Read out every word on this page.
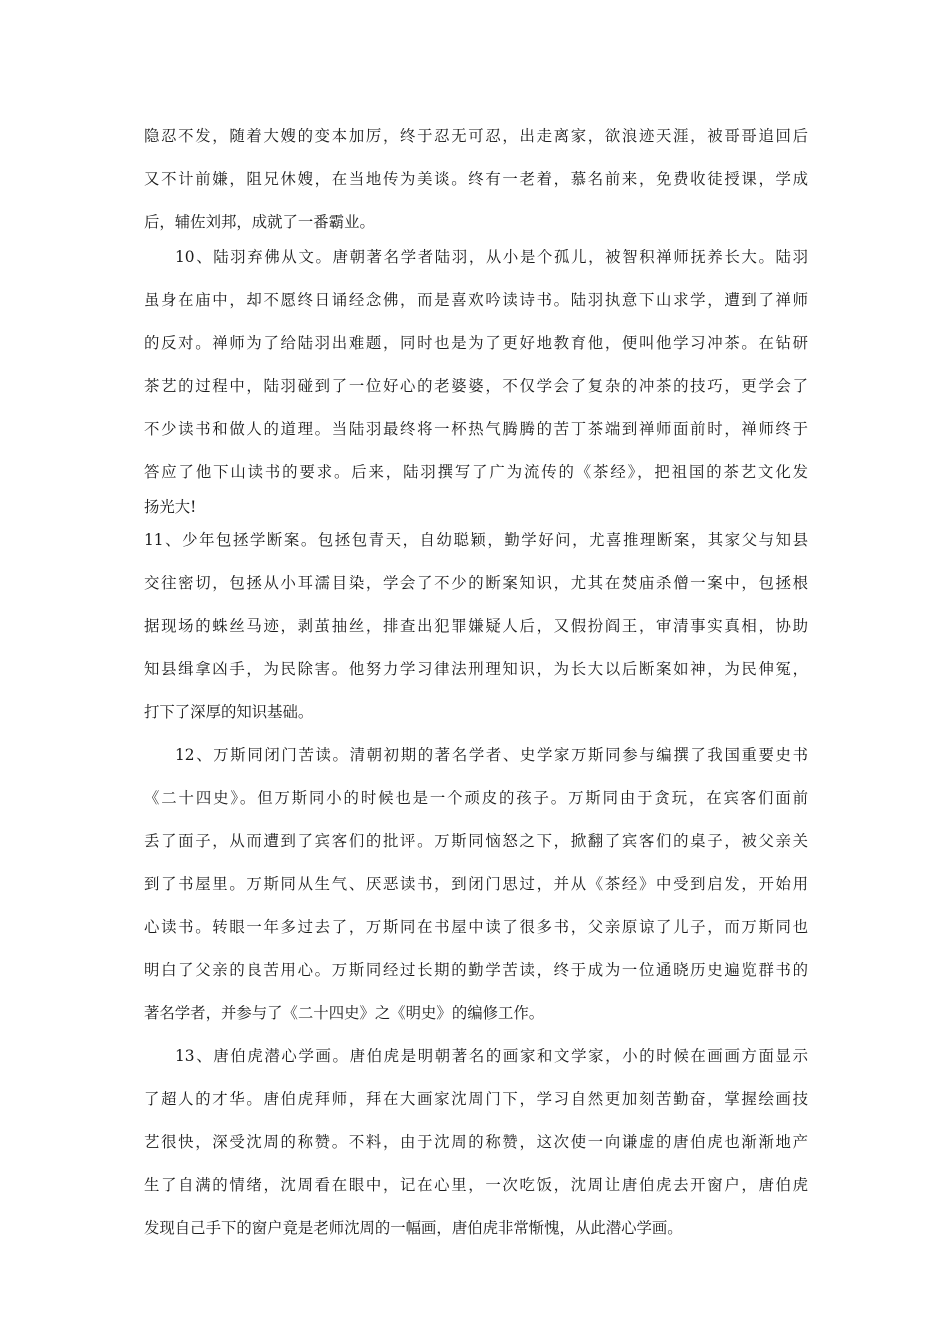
隐忍不发，随着大嫂的变本加厉，终于忍无可忍，出走离家，欲浪迹天涯，被哥哥追回后
又不计前嫌，阻兄休嫂，在当地传为美谈。终有一老着，慕名前来，免费收徒授课，学成
后，辅佐刘邦，成就了一番霸业。
10、陆羽弃佛从文。唐朝著名学者陆羽，从小是个孤儿，被智积禅师抚养长大。陆羽
虽身在庙中，却不愿终日诵经念佛，而是喜欢吟读诗书。陆羽执意下山求学，遭到了禅师
的反对。禅师为了给陆羽出难题，同时也是为了更好地教育他，便叫他学习冲茶。在钻研
茶艺的过程中，陆羽碰到了一位好心的老婆婆，不仅学会了复杂的冲茶的技巧，更学会了
不少读书和做人的道理。当陆羽最终将一杯热气腾腾的苦丁茶端到禅师面前时，禅师终于
答应了他下山读书的要求。后来，陆羽撰写了广为流传的《茶经》，把祖国的茶艺文化发
扬光大!
11、少年包拯学断案。包拯包青天，自幼聪颖，勤学好问，尤喜推理断案，其家父与知县
交往密切，包拯从小耳濡目染，学会了不少的断案知识，尤其在焚庙杀僧一案中，包拯根
据现场的蛛丝马迹，剥茧抽丝，排查出犯罪嫌疑人后，又假扮阎王，审清事实真相，协助
知县缉拿凶手，为民除害。他努力学习律法刑理知识，为长大以后断案如神，为民伸冤，
打下了深厚的知识基础。
12、万斯同闭门苦读。清朝初期的著名学者、史学家万斯同参与编撰了我国重要史书
《二十四史》。但万斯同小的时候也是一个顽皮的孩子。万斯同由于贪玩，在宾客们面前
丢了面子，从而遭到了宾客们的批评。万斯同恼怒之下，掀翻了宾客们的桌子，被父亲关
到了书屋里。万斯同从生气、厌恶读书，到闭门思过，并从《茶经》中受到启发，开始用
心读书。转眼一年多过去了，万斯同在书屋中读了很多书，父亲原谅了儿子，而万斯同也
明白了父亲的良苦用心。万斯同经过长期的勤学苦读，终于成为一位通晓历史遍览群书的
著名学者，并参与了《二十四史》之《明史》的编修工作。
13、唐伯虎潜心学画。唐伯虎是明朝著名的画家和文学家，小的时候在画画方面显示
了超人的才华。唐伯虎拜师，拜在大画家沈周门下，学习自然更加刻苦勤奋，掌握绘画技
艺很快，深受沈周的称赞。不料，由于沈周的称赞，这次使一向谦虚的唐伯虎也渐渐地产
生了自满的情绪，沈周看在眼中，记在心里，一次吃饭，沈周让唐伯虎去开窗户，唐伯虎
发现自己手下的窗户竟是老师沈周的一幅画，唐伯虎非常惭愧，从此潜心学画。
